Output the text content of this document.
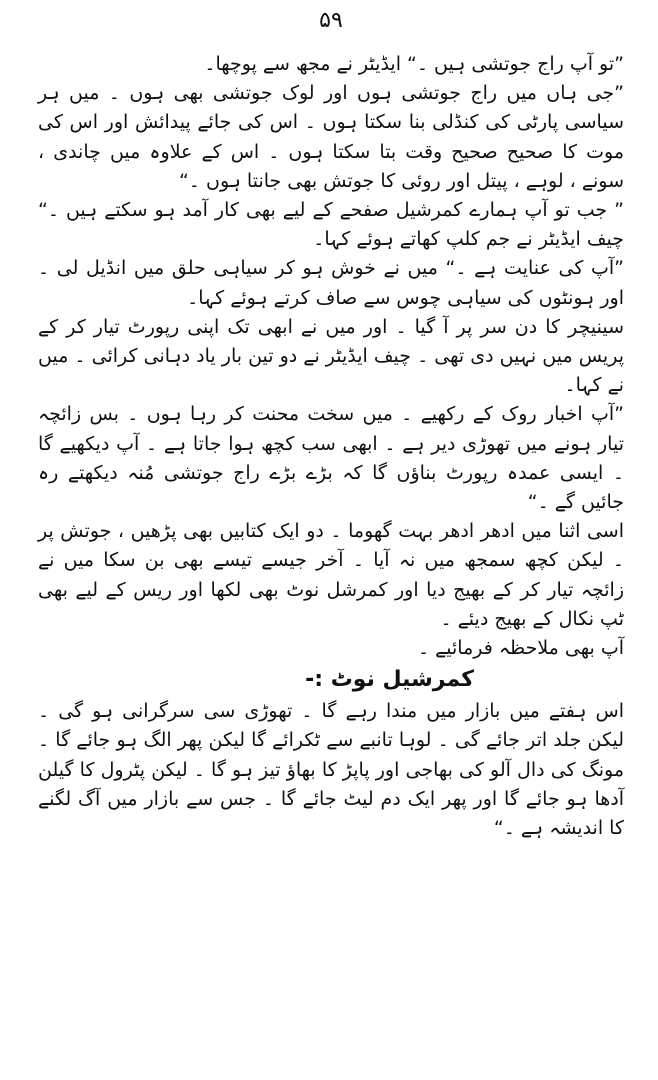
۵۹

”تو آپ راج جوتشی ہیں ۔“ ایڈیٹر نے مجھ سے پوچھا۔

”جی ہاں میں راج جوتشی ہوں اور لوک جوتشی بھی ہوں ۔ میں ہر سیاسی پارٹی کی کنڈلی بنا سکتا ہوں ۔ اس کی جائے پیدائش اور اس کی موت کا صحیح صحیح وقت بتا سکتا ہوں ۔ اس کے علاوہ میں چاندی ، سونے ، لوہے ، پیتل اور روئی کا جوتش بھی جانتا ہوں ۔“

” جب تو آپ ہمارے کمرشیل صفحے کے لیے بھی کار آمد ہو سکتے ہیں ۔“ چیف ایڈیٹر نے جم کلپ کھاتے ہوئے کہا۔

”آپ کی عنایت ہے ۔“ میں نے خوش ہو کر سیاہی حلق میں انڈیل لی ۔ اور ہونٹوں کی سیاہی چوس سے صاف کرتے ہوئے کہا۔

سینیچر کا دن سر پر آ گیا ۔ اور میں نے ابھی تک اپنی رپورٹ تیار کر کے پریس میں نہیں دی تھی ۔ چیف ایڈیٹر نے دو تین بار یاد دہانی کرائی ۔ میں نے کہا۔

”آپ اخبار روک کے رکھیے ۔ میں سخت محنت کر رہا ہوں ۔ بس زائچہ تیار ہونے میں تھوڑی دیر ہے ۔ ابھی سب کچھ ہوا جاتا ہے ۔ آپ دیکھیے گا ۔ ایسی عمدہ رپورٹ بناؤں گا کہ بڑے بڑے راج جوتشی مُنہ دیکھتے رہ جائیں گے ۔“

اسی اثنا میں ادھر ادھر بہت گھوما ۔ دو ایک کتابیں بھی پڑھیں ، جوتش پر ۔ لیکن کچھ سمجھ میں نہ آیا ۔ آخر جیسے تیسے بھی بن سکا میں نے زائچہ تیار کر کے بھیج دیا اور کمرشل نوٹ بھی لکھا اور ریس کے لیے بھی ٹپ نکال کے بھیج دیئے ۔

آپ بھی ملاحظہ فرمائیے ۔

کمرشیل نوٹ :-

اس ہفتے میں بازار میں مندا رہے گا ۔ تھوڑی سی سرگرانی ہو گی ۔ لیکن جلد اتر جائے گی ۔ لوہا تانبے سے ٹکرائے گا لیکن پھر الگ ہو جائے گا ۔ مونگ کی دال آلو کی بھاجی اور پاپڑ کا بھاؤ تیز ہو گا ۔ لیکن پٹرول کا گیلن آدھا ہو جائے گا اور پھر ایک دم لیٹ جائے گا ۔ جس سے بازار میں آگ لگنے کا اندیشہ ہے ۔“
